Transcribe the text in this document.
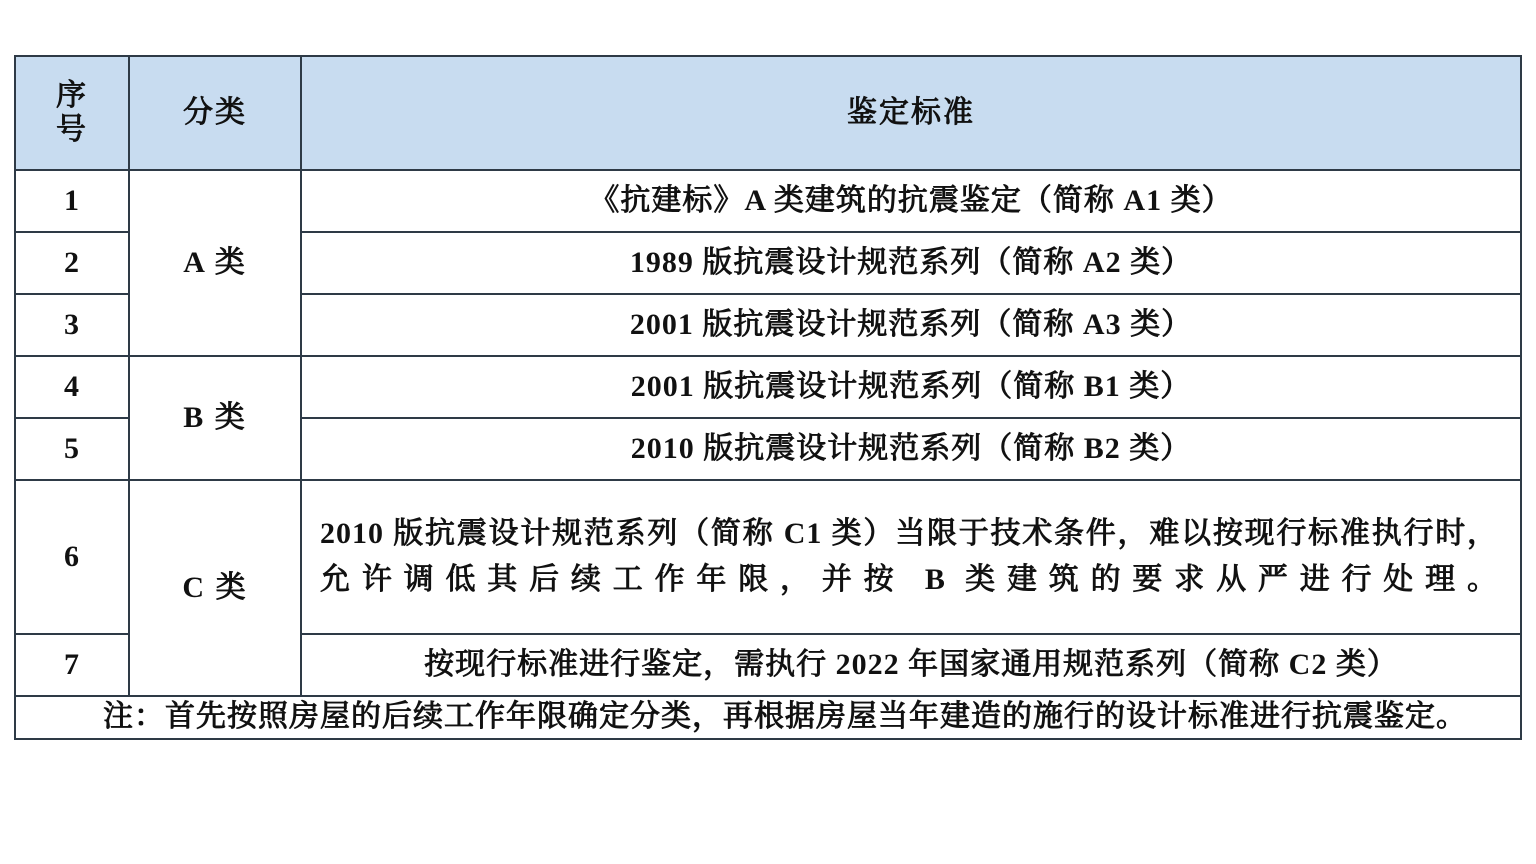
序
号	分类	鉴定标准
1	A 类	《抗建标》A 类建筑的抗震鉴定（简称 A1 类）
2		1989 版抗震设计规范系列（简称 A2 类）
3		2001 版抗震设计规范系列（简称 A3 类）
4	B 类	2001 版抗震设计规范系列（简称 B1 类）
5		2010 版抗震设计规范系列（简称 B2 类）
6	C 类	2010 版抗震设计规范系列（简称 C1 类）当限于技术条件，难以按现行标准执行时，允许调低其后续工作年限，并按 B 类建筑的要求从严进行处理。
7		按现行标准进行鉴定，需执行 2022 年国家通用规范系列（简称 C2 类）

注：首先按照房屋的后续工作年限确定分类，再根据房屋当年建造的施行的设计标准进行抗震鉴定。		
